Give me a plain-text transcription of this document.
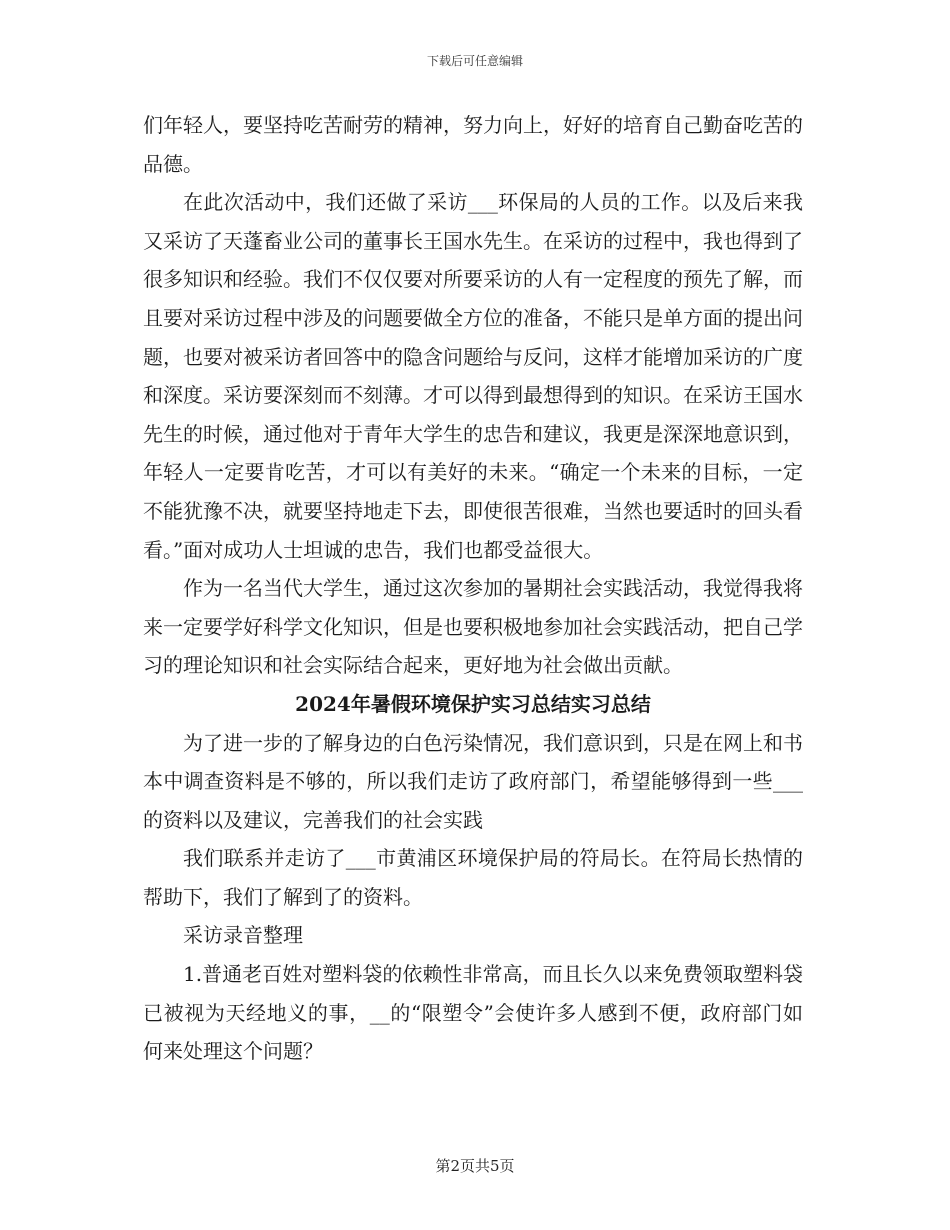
下载后可任意编辑

们年轻人，要坚持吃苦耐劳的精神，努力向上，好好的培育自己勤奋吃苦的品德。

在此次活动中，我们还做了采访___环保局的人员的工作。以及后来我又采访了天蓬畜业公司的董事长王国水先生。在采访的过程中，我也得到了很多知识和经验。我们不仅仅要对所要采访的人有一定程度的预先了解，而且要对采访过程中涉及的问题要做全方位的准备，不能只是单方面的提出问题，也要对被采访者回答中的隐含问题给与反问，这样才能增加采访的广度和深度。采访要深刻而不刻薄。才可以得到最想得到的知识。在采访王国水先生的时候，通过他对于青年大学生的忠告和建议，我更是深深地意识到，年轻人一定要肯吃苦，才可以有美好的未来。“确定一个未来的目标，一定不能犹豫不决，就要坚持地走下去，即使很苦很难，当然也要适时的回头看看。”面对成功人士坦诚的忠告，我们也都受益很大。

作为一名当代大学生，通过这次参加的暑期社会实践活动，我觉得我将来一定要学好科学文化知识，但是也要积极地参加社会实践活动，把自己学习的理论知识和社会实际结合起来，更好地为社会做出贡献。

2024年暑假环境保护实习总结实习总结

为了进一步的了解身边的白色污染情况，我们意识到，只是在网上和书本中调查资料是不够的，所以我们走访了政府部门，希望能够得到一些___的资料以及建议，完善我们的社会实践

我们联系并走访了___市黄浦区环境保护局的符局长。在符局长热情的帮助下，我们了解到了的资料。

采访录音整理

1.普通老百姓对塑料袋的依赖性非常高，而且长久以来免费领取塑料袋已被视为天经地义的事，__的“限塑令”会使许多人感到不便，政府部门如何来处理这个问题？

第2页共5页
